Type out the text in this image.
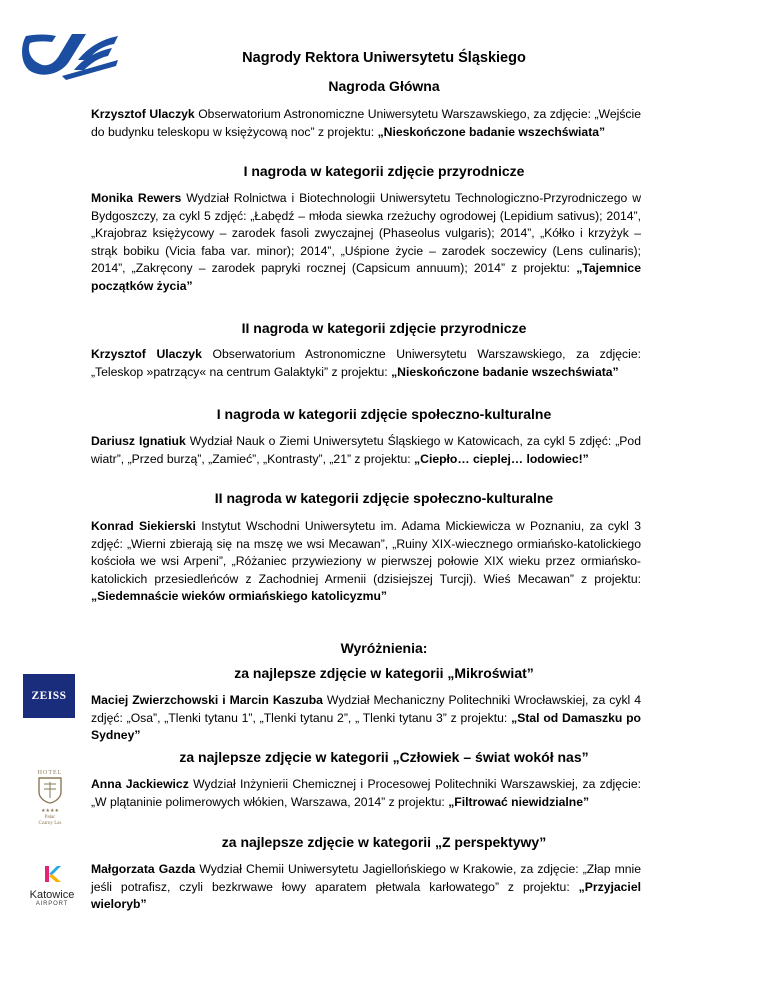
Nagrody Rektora Uniwersytetu Śląskiego
Nagroda Główna
Krzysztof Ulaczyk Obserwatorium Astronomiczne Uniwersytetu Warszawskiego, za zdjęcie: „Wejście do budynku teleskopu w księżycową noc” z projektu: „Nieskończone badanie wszechświata”
I nagroda w kategorii zdjęcie przyrodnicze
Monika Rewers Wydział Rolnictwa i Biotechnologii Uniwersytetu Technologiczno-Przyrodniczego w Bydgoszczy, za cykl 5 zdjęć: „Łabędź – młoda siewka rzeżuchy ogrodowej (Lepidium sativus); 2014”, „Krajobraz księżycowy – zarodek fasoli zwyczajnej (Phaseolus vulgaris); 2014”, „Kółko i krzyżyk – strąk bobiku (Vicia faba var. minor); 2014”, „Uśpione życie – zarodek soczewicy (Lens culinaris); 2014”, „Zakręcony – zarodek papryki rocznej (Capsicum annuum); 2014” z projektu: „Tajemnice początków życia”
II nagroda w kategorii zdjęcie przyrodnicze
Krzysztof Ulaczyk Obserwatorium Astronomiczne Uniwersytetu Warszawskiego, za zdjęcie: „Teleskop »patrzący« na centrum Galaktyki” z projektu: „Nieskończone badanie wszechświata”
I nagroda w kategorii zdjęcie społeczno-kulturalne
Dariusz Ignatiuk Wydział Nauk o Ziemi Uniwersytetu Śląskiego w Katowicach, za cykl 5 zdjęć: „Pod wiatr”, „Przed burzą”, „Zamieć”, „Kontrasty”, „21” z projektu: „Ciepło… cieplej… lodowiec!”
II nagroda w kategorii zdjęcie społeczno-kulturalne
Konrad Siekierski Instytut Wschodni Uniwersytetu im. Adama Mickiewicza w Poznaniu, za cykl 3 zdjęć: „Wierni zbierają się na mszę we wsi Mecawan”, „Ruiny XIX-wiecznego ormiańsko-katolickiego kościoła we wsi Arpeni”, „Różaniec przywieziony w pierwszej połowie XIX wieku przez ormiańsko-katolickich przesiedleńców z Zachodniej Armenii (dzisiejszej Turcji). Wieś Mecawan” z projektu: „Siedemnaście wieków ormiańskiego katolicyzmu”
Wyróżnienia:
za najlepsze zdjęcie w kategorii „Mikroświat”
ZEISS Maciej Zwierzchowski i Marcin Kaszuba Wydział Mechaniczny Politechniki Wrocławskiej, za cykl 4 zdjęć: „Osa”, „Tlenki tytanu 1”, „Tlenki tytanu 2”, „ Tlenki tytanu 3” z projektu: „Stal od Damaszku po Sydney”
za najlepsze zdjęcie w kategorii „Człowiek – świat wokół nas”
HOTEL
★★★★
Pałac
Czarny Las
Anna Jackiewicz Wydział Inżynierii Chemicznej i Procesowej Politechniki Warszawskiej, za zdjęcie: „W plątaninie polimerowych włókien, Warszawa, 2014” z projektu: „Filtrować niewidzialne”
za najlepsze zdjęcie w kategorii „Z perspektywy”
Katowice
AIRPORT
Małgorzata Gazda Wydział Chemii Uniwersytetu Jagiellońskiego w Krakowie, za zdjęcie: „Złap mnie jeśli potrafisz, czyli bezkrwawe łowy aparatem płetwala karłowatego” z projektu: „Przyjaciel wieloryb”
